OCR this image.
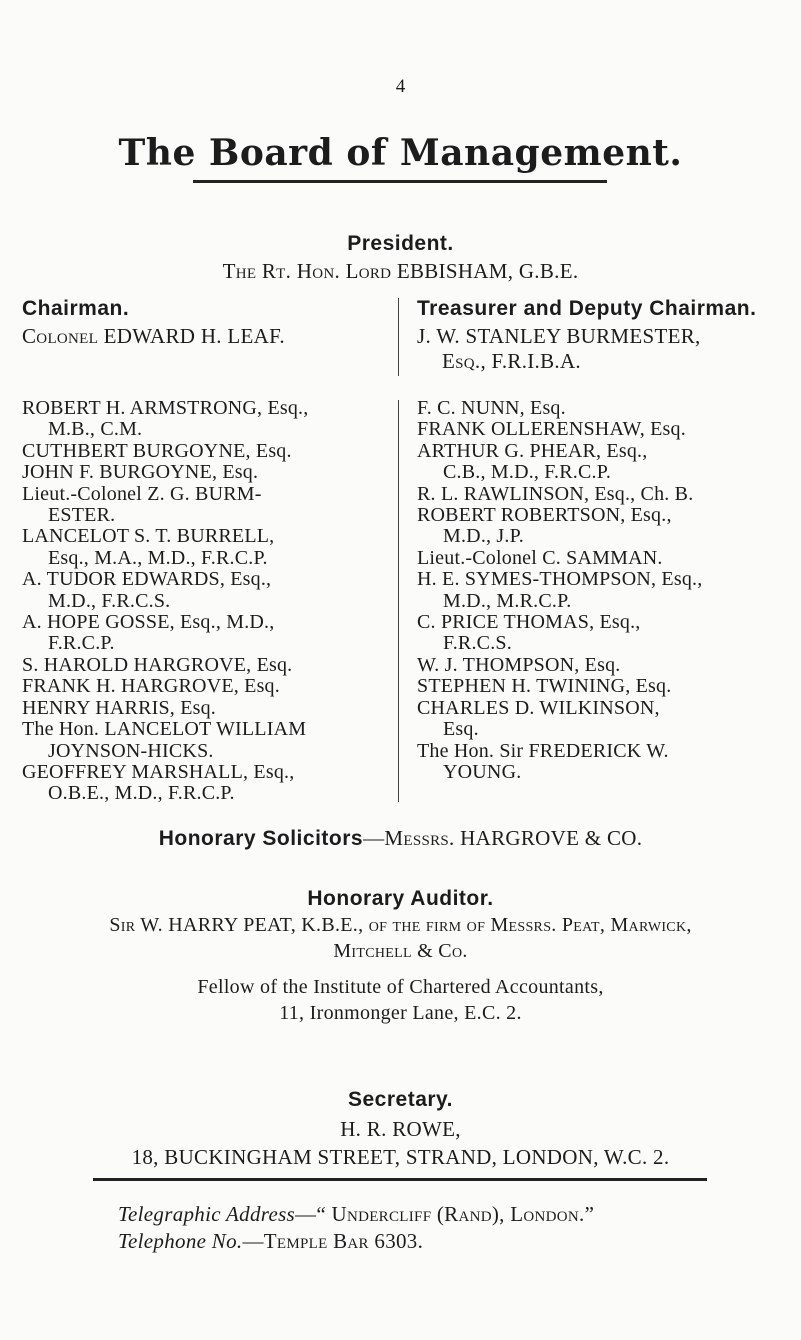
4
The Board of Management.
President.
The Rt. Hon. Lord EBBISHAM, G.B.E.
Chairman.
Colonel EDWARD H. LEAF.
Treasurer and Deputy Chairman.
J. W. STANLEY BURMESTER,
Esq., F.R.I.B.A.
ROBERT H. ARMSTRONG, Esq.,
M.B., C.M.
CUTHBERT BURGOYNE, Esq.
JOHN F. BURGOYNE, Esq.
Lieut.-Colonel Z. G. BURM-
ESTER.
LANCELOT S. T. BURRELL,
Esq., M.A., M.D., F.R.C.P.
A. TUDOR EDWARDS, Esq.,
M.D., F.R.C.S.
A. HOPE GOSSE, Esq., M.D.,
F.R.C.P.
S. HAROLD HARGROVE, Esq.
FRANK H. HARGROVE, Esq.
HENRY HARRIS, Esq.
The Hon. LANCELOT WILLIAM
JOYNSON-HICKS.
GEOFFREY MARSHALL, Esq.,
O.B.E., M.D., F.R.C.P.
F. C. NUNN, Esq.
FRANK OLLERENSHAW, Esq.
ARTHUR G. PHEAR, Esq.,
C.B., M.D., F.R.C.P.
R. L. RAWLINSON, Esq., Ch. B.
ROBERT ROBERTSON, Esq.,
M.D., J.P.
Lieut.-Colonel C. SAMMAN.
H. E. SYMES-THOMPSON, Esq.,
M.D., M.R.C.P.
C. PRICE THOMAS, Esq.,
F.R.C.S.
W. J. THOMPSON, Esq.
STEPHEN H. TWINING, Esq.
CHARLES D. WILKINSON,
Esq.
The Hon. Sir FREDERICK W.
YOUNG.
Honorary Solicitors—Messrs. HARGROVE & CO.
Honorary Auditor.
Sir W. HARRY PEAT, K.B.E., of the firm of Messrs. Peat, Marwick,
Mitchell & Co.
Fellow of the Institute of Chartered Accountants,
11, Ironmonger Lane, E.C. 2.
Secretary.
H. R. ROWE,
18, BUCKINGHAM STREET, STRAND, LONDON, W.C. 2.
Telegraphic Address—“ Undercliff (Rand), London.”
Telephone No.—Temple Bar 6303.
